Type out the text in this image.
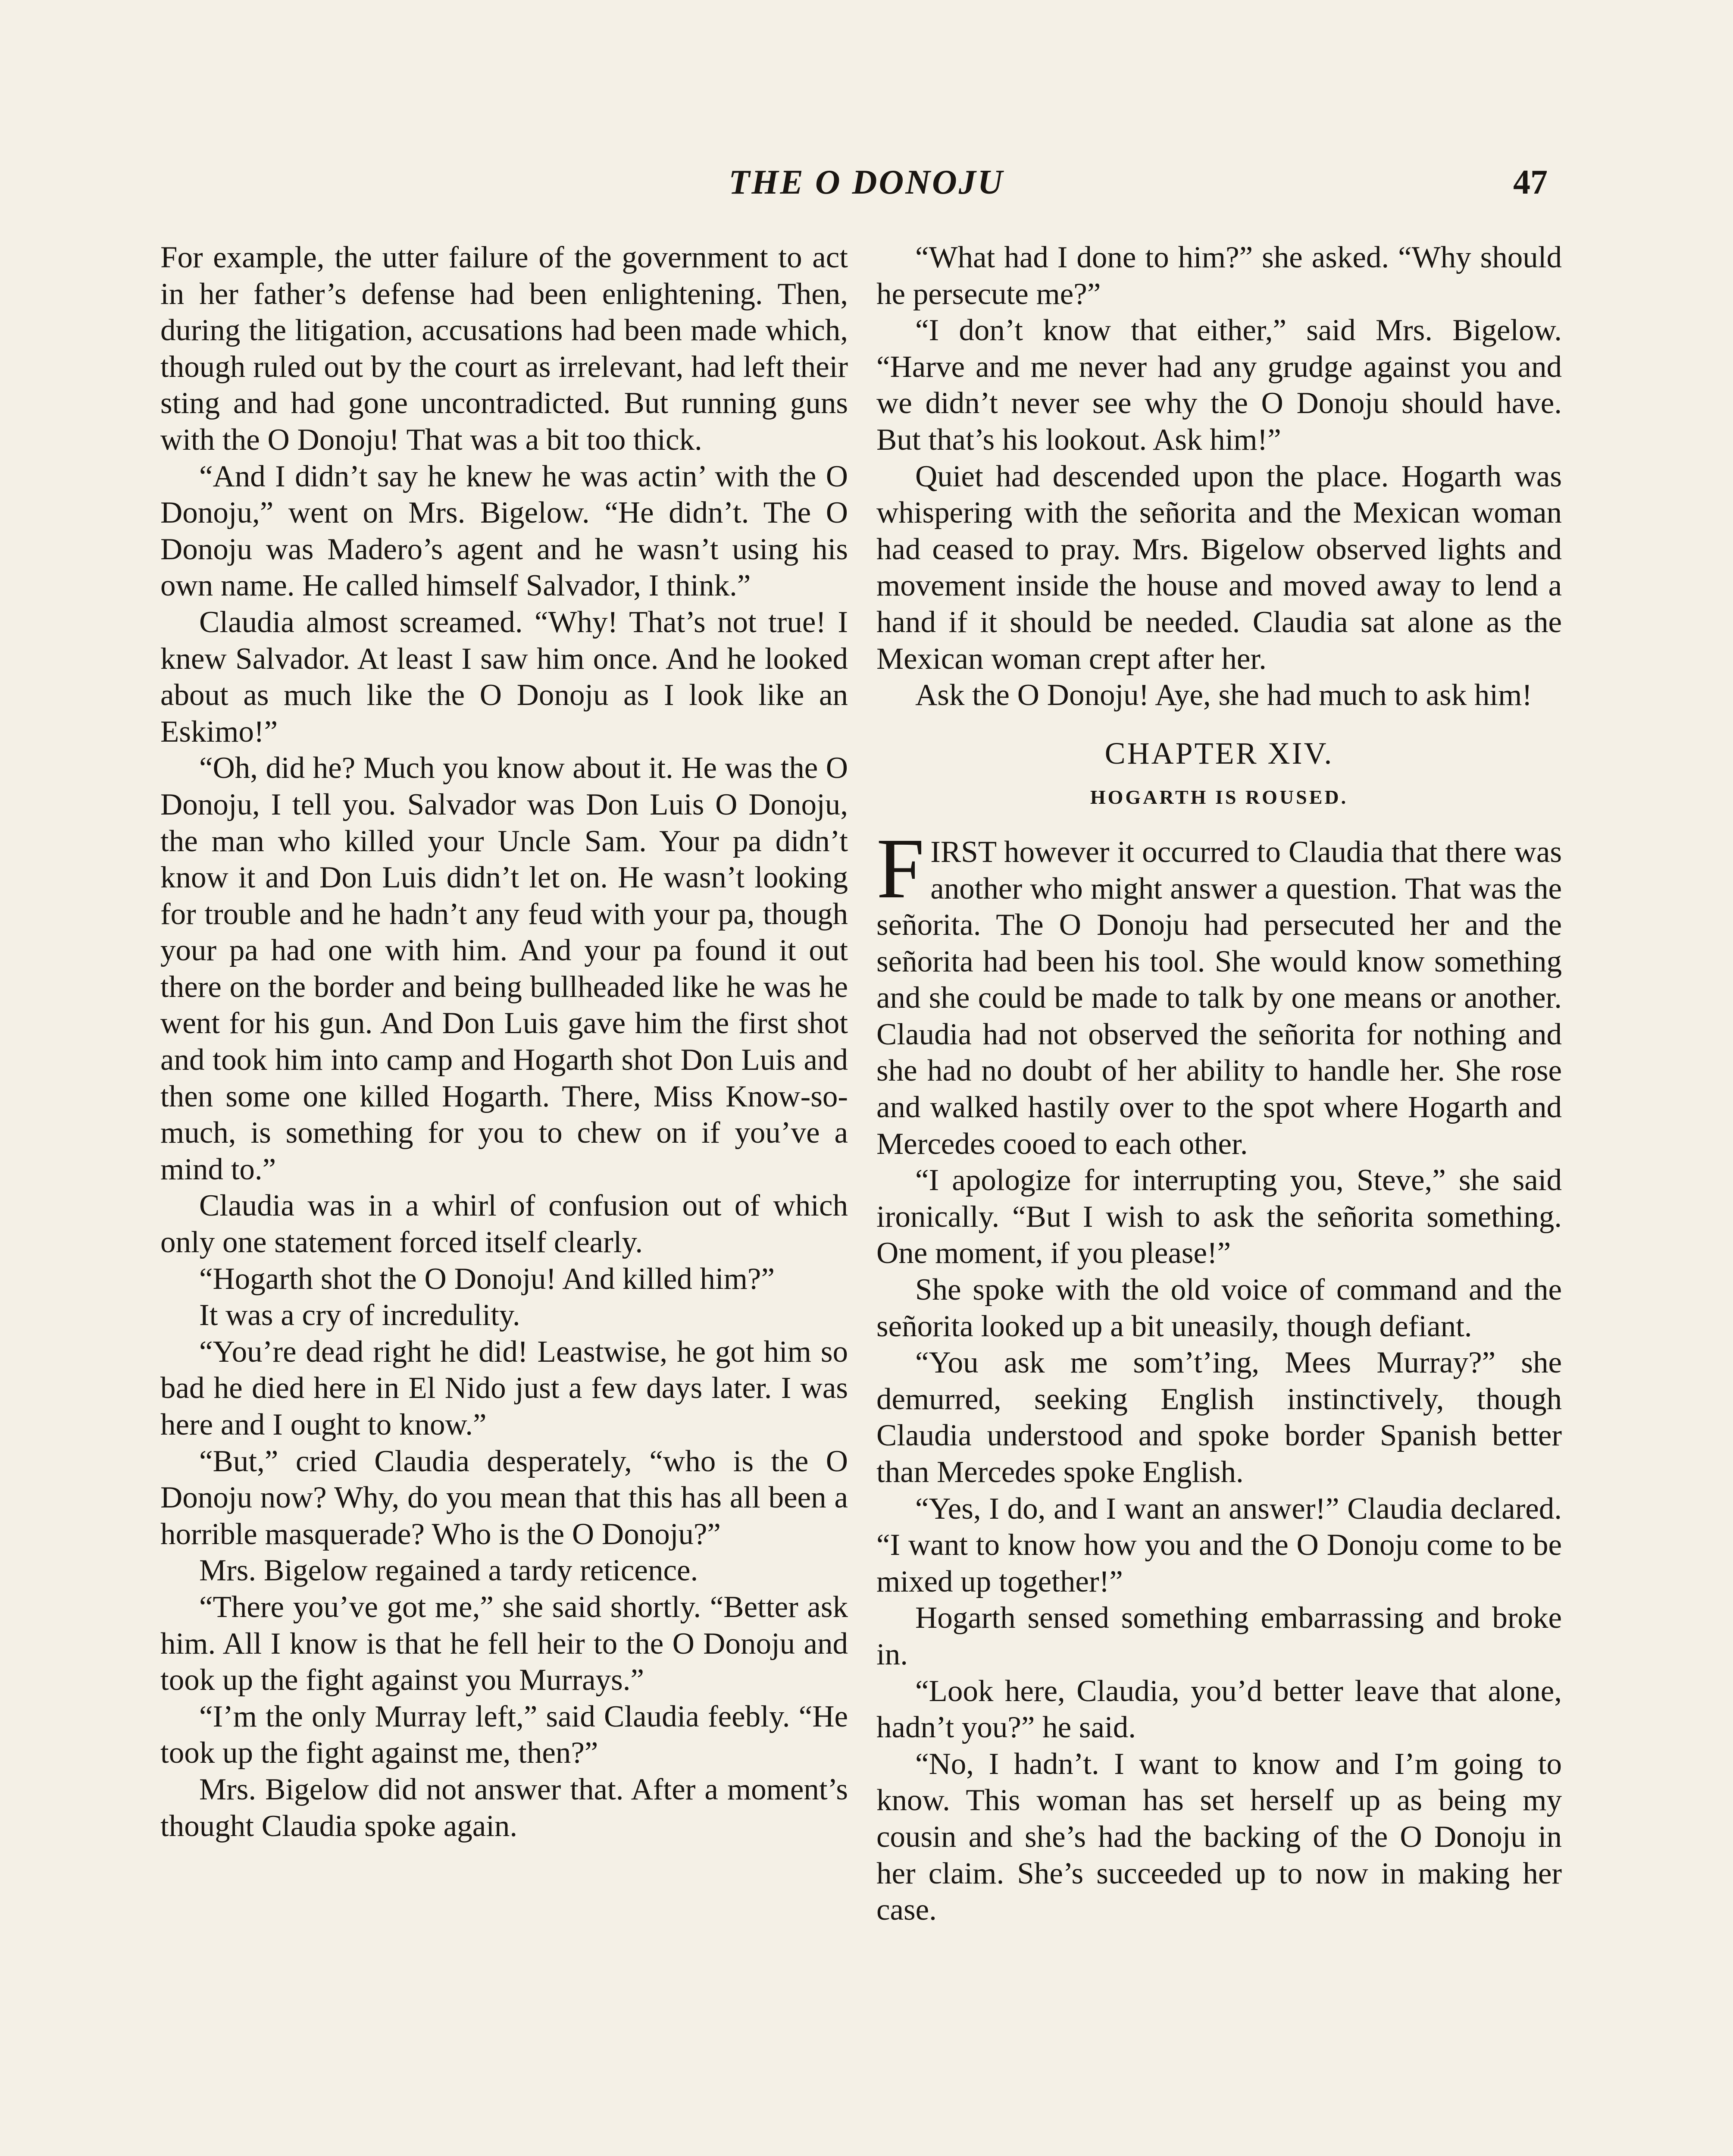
THE O DONOJU	47

For example, the utter failure of the government to act in her father’s defense had been enlightening. Then, during the litigation, accusations had been made which, though ruled out by the court as irrelevant, had left their sting and had gone uncontradicted. But running guns with the O Donoju! That was a bit too thick.

“And I didn’t say he knew he was actin’ with the O Donoju,” went on Mrs. Bigelow. “He didn’t. The O Donoju was Madero’s agent and he wasn’t using his own name. He called himself Salvador, I think.”

Claudia almost screamed. “Why! That’s not true! I knew Salvador. At least I saw him once. And he looked about as much like the O Donoju as I look like an Eskimo!”

“Oh, did he? Much you know about it. He was the O Donoju, I tell you. Salvador was Don Luis O Donoju, the man who killed your Uncle Sam. Your pa didn’t know it and Don Luis didn’t let on. He wasn’t looking for trouble and he hadn’t any feud with your pa, though your pa had one with him. And your pa found it out there on the border and being bullheaded like he was he went for his gun. And Don Luis gave him the first shot and took him into camp and Hogarth shot Don Luis and then some one killed Hogarth. There, Miss Know-so-much, is something for you to chew on if you’ve a mind to.”

Claudia was in a whirl of confusion out of which only one statement forced itself clearly.

“Hogarth shot the O Donoju! And killed him?”

It was a cry of incredulity.

“You’re dead right he did! Leastwise, he got him so bad he died here in El Nido just a few days later. I was here and I ought to know.”

“But,” cried Claudia desperately, “who is the O Donoju now? Why, do you mean that this has all been a horrible masquerade? Who is the O Donoju?”

Mrs. Bigelow regained a tardy reticence.

“There you’ve got me,” she said shortly. “Better ask him. All I know is that he fell heir to the O Donoju and took up the fight against you Murrays.”

“I’m the only Murray left,” said Claudia feebly. “He took up the fight against me, then?”

Mrs. Bigelow did not answer that. After a moment’s thought Claudia spoke again.

“What had I done to him?” she asked. “Why should he persecute me?”

“I don’t know that either,” said Mrs. Bigelow. “Harve and me never had any grudge against you and we didn’t never see why the O Donoju should have. But that’s his lookout. Ask him!”

Quiet had descended upon the place. Hogarth was whispering with the señorita and the Mexican woman had ceased to pray. Mrs. Bigelow observed lights and movement inside the house and moved away to lend a hand if it should be needed. Claudia sat alone as the Mexican woman crept after her.

Ask the O Donoju! Aye, she had much to ask him!

CHAPTER XIV.
HOGARTH IS ROUSED.

FIRST however it occurred to Claudia that there was another who might answer a question. That was the señorita. The O Donoju had persecuted her and the señorita had been his tool. She would know something and she could be made to talk by one means or another. Claudia had not observed the señorita for nothing and she had no doubt of her ability to handle her. She rose and walked hastily over to the spot where Hogarth and Mercedes cooed to each other.

“I apologize for interrupting you, Steve,” she said ironically. “But I wish to ask the señorita something. One moment, if you please!”

She spoke with the old voice of command and the señorita looked up a bit uneasily, though defiant.

“You ask me som’t’ing, Mees Murray?” she demurred, seeking English instinctively, though Claudia understood and spoke border Spanish better than Mercedes spoke English.

“Yes, I do, and I want an answer!” Claudia declared. “I want to know how you and the O Donoju come to be mixed up together!”

Hogarth sensed something embarrassing and broke in.

“Look here, Claudia, you’d better leave that alone, hadn’t you?” he said.

“No, I hadn’t. I want to know and I’m going to know. This woman has set herself up as being my cousin and she’s had the backing of the O Donoju in her claim. She’s succeeded up to now in making her case.
